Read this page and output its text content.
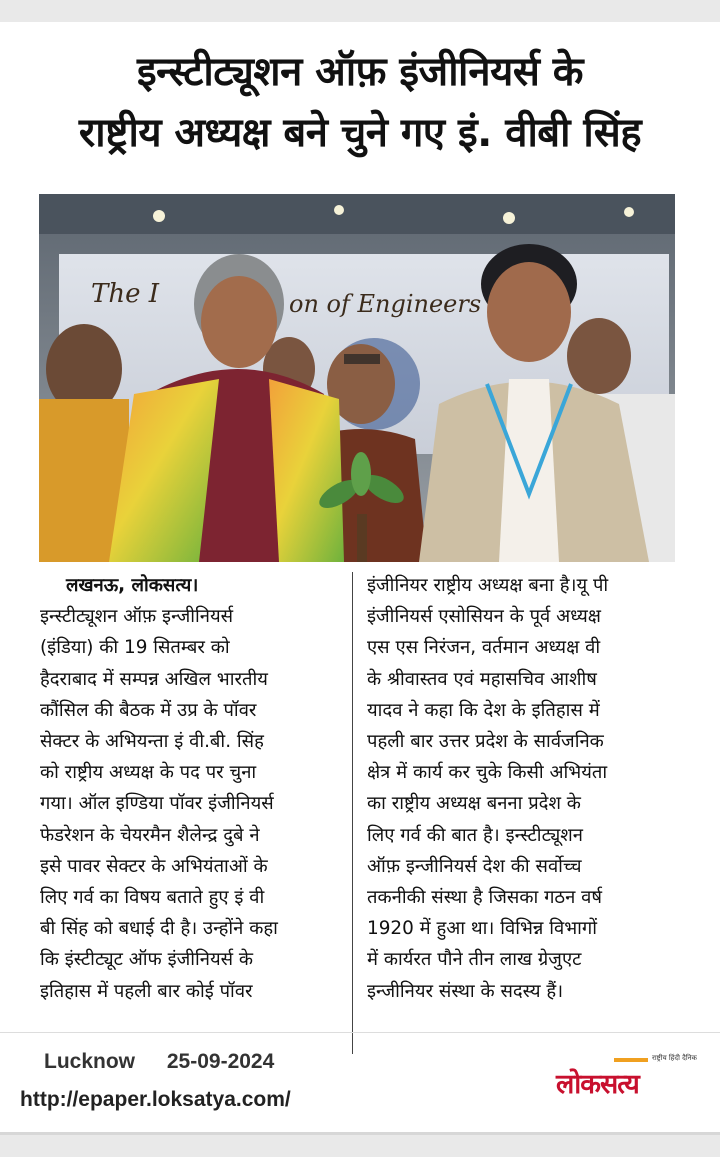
इन्स्टीट्यूशन ऑफ़ इंजीनियर्स के
राष्ट्रीय अध्यक्ष बने चुने गए इं. वीबी सिंह
The I	on of Engineers
लखनऊ, लोकसत्य।
इन्स्टीट्यूशन ऑफ़ इन्जीनियर्स
(इंडिया) की 19 सितम्बर को
हैदराबाद में सम्पन्न अखिल भारतीय
कौंसिल की बैठक में उप्र के पॉवर
सेक्टर के अभियन्ता इं वी.बी. सिंह
को राष्ट्रीय अध्यक्ष के पद पर चुना
गया। ऑल इण्डिया पॉवर इंजीनियर्स
फेडरेशन के चेयरमैन शैलेन्द्र दुबे ने
इसे पावर सेक्टर के अभियंताओं के
लिए गर्व का विषय बताते हुए इं वी
बी सिंह को बधाई दी है। उन्होंने कहा
कि इंस्टीट्यूट ऑफ इंजीनियर्स के
इतिहास में पहली बार कोई पॉवर
इंजीनियर राष्ट्रीय अध्यक्ष बना है।यू पी
इंजीनियर्स एसोसियन के पूर्व अध्यक्ष
एस एस निरंजन, वर्तमान अध्यक्ष वी
के श्रीवास्तव एवं महासचिव आशीष
यादव ने कहा कि देश के इतिहास में
पहली बार उत्तर प्रदेश के सार्वजनिक
क्षेत्र में कार्य कर चुके किसी अभियंता
का राष्ट्रीय अध्यक्ष बनना प्रदेश के
लिए गर्व की बात है। इन्स्टीट्यूशन
ऑफ़ इन्जीनियर्स देश की सर्वोच्च
तकनीकी संस्था है जिसका गठन वर्ष
1920 में हुआ था। विभिन्न विभागों
में कार्यरत पौने तीन लाख ग्रेजुएट
इन्जीनियर संस्था के सदस्य हैं।
Lucknow 25-09-2024
http://epaper.loksatya.com/
राष्ट्रीय हिंदी दैनिक
लोकसत्य
